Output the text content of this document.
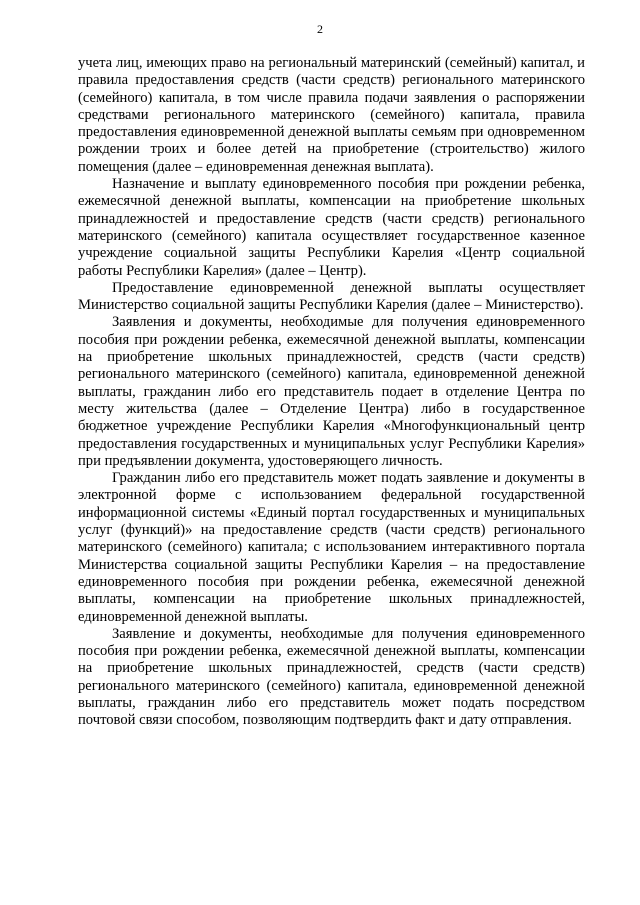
2

учета лиц, имеющих право на региональный материнский (семейный) капитал, и правила предоставления средств (части средств) регионального материнского (семейного) капитала, в том числе правила подачи заявления о распоряжении средствами регионального материнского (семейного) капитала, правила предоставления единовременной денежной выплаты семьям при одновременном рождении троих и более детей на приобретение (строительство) жилого помещения (далее – единовременная денежная выплата).

Назначение и выплату единовременного пособия при рождении ребенка, ежемесячной денежной выплаты, компенсации на приобретение школьных принадлежностей и предоставление средств (части средств) регионального материнского (семейного) капитала осуществляет государственное казенное учреждение социальной защиты Республики Карелия «Центр социальной работы Республики Карелия» (далее – Центр).

Предоставление единовременной денежной выплаты осуществляет Министерство социальной защиты Республики Карелия (далее – Министерство).

Заявления и документы, необходимые для получения единовременного пособия при рождении ребенка, ежемесячной денежной выплаты, компенсации на приобретение школьных принадлежностей, средств (части средств) регионального материнского (семейного) капитала, единовременной денежной выплаты, гражданин либо его представитель подает в отделение Центра по месту жительства (далее – Отделение Центра) либо в государственное бюджетное учреждение Республики Карелия «Многофункциональный центр предоставления государственных и муниципальных услуг Республики Карелия» при предъявлении документа, удостоверяющего личность.

Гражданин либо его представитель может подать заявление и документы в электронной форме с использованием федеральной государственной информационной системы «Единый портал государственных и муниципальных услуг (функций)» на предоставление средств (части средств) регионального материнского (семейного) капитала; с использованием интерактивного портала Министерства социальной защиты Республики Карелия – на предоставление единовременного пособия при рождении ребенка, ежемесячной денежной выплаты, компенсации на приобретение школьных принадлежностей, единовременной денежной выплаты.

Заявление и документы, необходимые для получения единовременного пособия при рождении ребенка, ежемесячной денежной выплаты, компенсации на приобретение школьных принадлежностей, средств (части средств) регионального материнского (семейного) капитала, единовременной денежной выплаты, гражданин либо его представитель может подать посредством почтовой связи способом, позволяющим подтвердить факт и дату отправления.
